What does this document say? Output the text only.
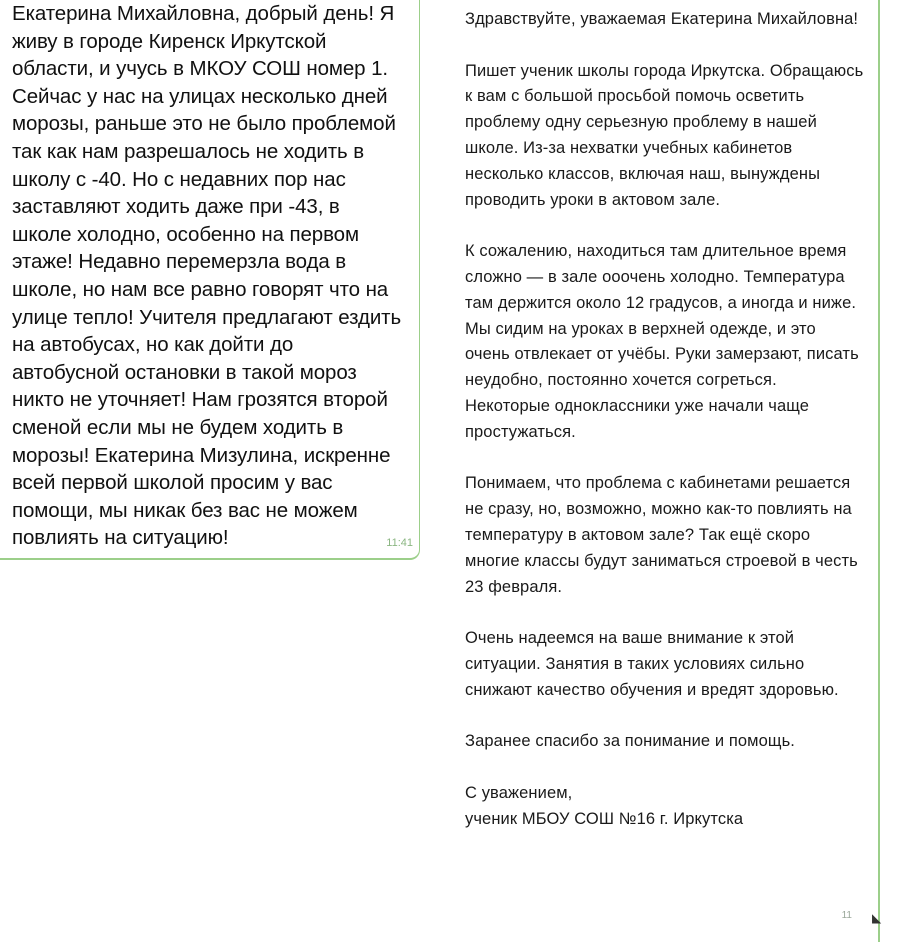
Екатерина Михайловна, добрый день! Я
живу в городе Киренск Иркутской
области, и учусь в МКОУ СОШ номер 1.
Сейчас у нас на улицах несколько дней
морозы, раньше это не было проблемой
так как нам разрешалось не ходить в
школу с -40. Но с недавних пор нас
заставляют ходить даже при -43, в
школе холодно, особенно на первом
этаже! Недавно перемерзла вода в
школе, но нам все равно говорят что на
улице тепло! Учителя предлагают ездить
на автобусах, но как дойти до
автобусной остановки в такой мороз
никто не уточняет! Нам грозятся второй
сменой если мы не будем ходить в
морозы! Екатерина Мизулина, искренне
всей первой школой просим у вас
помощи, мы никак без вас не можем
повлиять на ситуацию!	11:41

Здравствуйте, уважаемая Екатерина Михайловна!

Пишет ученик школы города Иркутска. Обращаюсь к вам с большой просьбой помочь осветить проблему одну серьезную проблему в нашей школе. Из-за нехватки учебных кабинетов несколько классов, включая наш, вынуждены проводить уроки в актовом зале.

К сожалению, находиться там длительное время сложно — в зале ооочень холодно. Температура там держится около 12 градусов, а иногда и ниже. Мы сидим на уроках в верхней одежде, и это очень отвлекает от учёбы. Руки замерзают, писать неудобно, постоянно хочется согреться. Некоторые одноклассники уже начали чаще простужаться.

Понимаем, что проблема с кабинетами решается не сразу, но, возможно, можно как-то повлиять на температуру в актовом зале? Так ещё скоро многие классы будут заниматься строевой в честь 23 февраля.

Очень надеемся на ваше внимание к этой ситуации. Занятия в таких условиях сильно снижают качество обучения и вредят здоровью.

Заранее спасибо за понимание и помощь.

С уважением,
ученик МБОУ СОШ №16 г. Иркутска

11 ◣
